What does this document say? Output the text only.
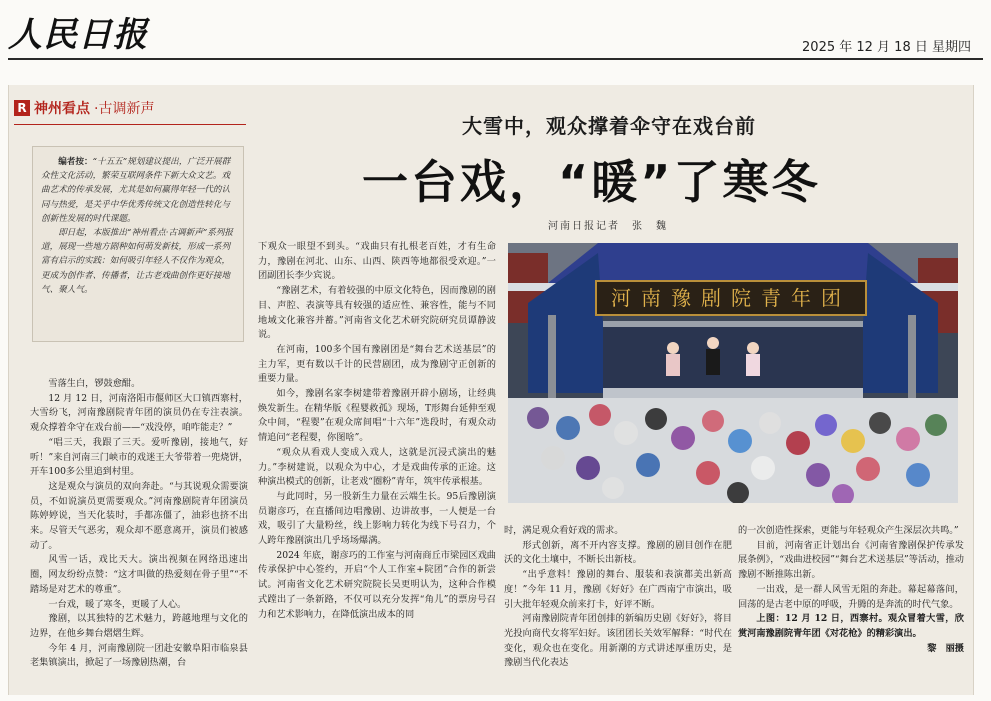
人民日报	2025 年 12 月 18 日 星期四
R 神州看点 ·古调新声

编者按：“十五五”规划建议提出，广泛开展群众性文化活动，繁荣互联网条件下新大众文艺。戏曲艺术的传承发展，尤其是如何赢得年轻一代的认同与热爱，是关乎中华优秀传统文化创造性转化与创新性发展的时代课题。

即日起，本版推出“神州看点·古调新声”系列报道，展现一些地方剧种如何萌发新枝，形成一系列富有启示的实践：如何吸引年轻人不仅作为观众，更成为创作者、传播者，让古老戏曲创作更好接地气、聚人气。

大雪中，观众撑着伞守在戏台前
一台戏，“暖”了寒冬
河南日报记者　张　魏
河南豫剧院青年团

雪落生白，锣鼓愈酣。

12 月 12 日，河南洛阳市偃师区大口镇西寨村，大雪纷飞，河南豫剧院青年团的演员仍在专注表演。观众撑着伞守在戏台前——“戏没停，咱咋能走？”

“唱三天，我跟了三天。爱听豫剧，接地气，好听！”来自河南三门峡市的戏迷王大爷带着一兜烧饼，开车100多公里追到村里。

这是观众与演员的双向奔赴。“与其说观众需要演员，不如说演员更需要观众。”河南豫剧院青年团演员陈婷婷说，当天化装时，手都冻僵了，油彩也挤不出来。尽管天气恶劣，观众却不愿意离开，演员们被感动了。

风雪一话，戏比天大。演出视频在网络迅速出圈，网友纷纷点赞：“这才叫做的热爱刻在骨子里”“不踏场是对艺术的尊重”。

一台戏，暖了寒冬，更暖了人心。

豫剧，以其独特的艺术魅力，跨越地理与文化的边界，在他乡舞台熠熠生辉。

今年 4 月，河南豫剧院一团赴安徽阜阳市临泉县老集镇演出，掀起了一场豫剧热潮，台

下观众一眼望不到头。“戏曲只有扎根老百姓，才有生命力，豫剧在河北、山东、山西、陕西等地都很受欢迎。”一团副团长李少宾说。

“豫剧艺术，有着较强的中原文化特色，因而豫剧的剧目、声腔、表演等具有较强的适应性、兼容性，能与不同地域文化兼容并蓄。”河南省文化艺术研究院研究员谭静波说。

在河南，100多个国有豫剧团是“舞台艺术送基层”的主力军，更有数以千计的民营剧团，成为豫剧守正创新的重要力量。

如今，豫剧名家李树建带着豫剧开辟小剧场，让经典焕发新生。在精华版《程婴救孤》现场，T形舞台延伸至观众中间，“程婴”在观众席间唱“十六年”选段时，有观众动情追问“老程婴，你图啥”。

“观众从看戏人变成入戏人，这就是沉浸式演出的魅力。”李树建说，以观众为中心，才是戏曲传承的正途。这种演出模式的创新，让老戏“圈粉”青年，筑牢传承根基。

与此同时，另一股新生力量在云端生长。95后豫剧演员谢彦巧，在直播间边唱豫剧、边讲故事，一人便是一台戏，吸引了大量粉丝，线上影响力转化为线下号召力，个人跨年豫剧演出几乎场场爆满。

2024 年底，谢彦巧的工作室与河南商丘市梁园区戏曲传承保护中心签约，开启“个人工作室+院团”合作的新尝试。河南省文化艺术研究院院长吴更明认为，这种合作模式蹚出了一条新路，不仅可以充分发挥“角儿”的票房号召力和艺术影响力，在降低演出成本的同

时，满足观众看好戏的需求。

形式创新，离不开内容支撑。豫剧的剧目创作在肥沃的文化土壤中，不断长出新枝。

“出乎意料！豫剧的舞台、服装和表演都美出新高度！”今年 11 月，豫剧《好好》在广西南宁市演出，吸引大批年轻观众前来打卡，好评不断。

河南豫剧院青年团创排的新编历史剧《好好》，将目光投向商代女将军妇好。该团团长关效军解释：“时代在变化，观众也在变化。用新潮的方式讲述厚重历史，是豫剧当代化表达

的一次创造性探索，更能与年轻观众产生深层次共鸣。”

目前，河南省正计划出台《河南省豫剧保护传承发展条例》，“戏曲进校园”“舞台艺术送基层”等活动，推动豫剧不断推陈出新。

一出戏，是一群人风雪无阻的奔赴。幕起幕落间，回荡的是古老中原的呼吸，升腾的是奔流的时代气象。

上图：12 月 12 日，西寨村。观众冒着大雪，欣赏河南豫剧院青年团《对花枪》的精彩演出。

黎　丽摄
